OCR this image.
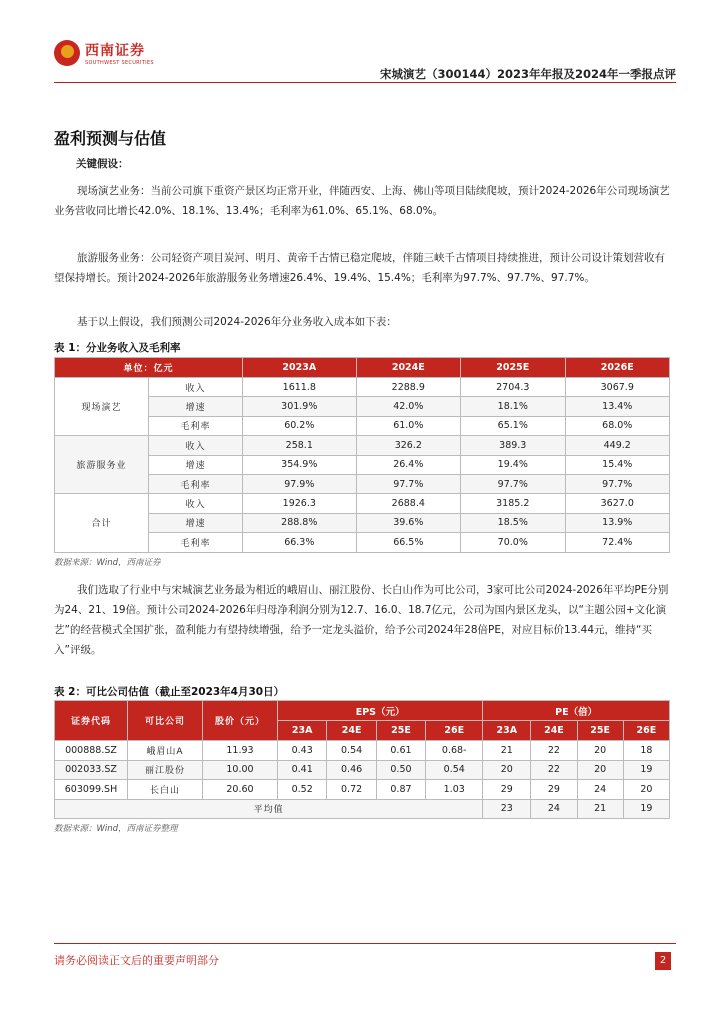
西南证券
SOUTHWEST SECURITIES
宋城演艺（300144）2023年年报及2024年一季报点评
盈利预测与估值
关键假设：
现场演艺业务：当前公司旗下重资产景区均正常开业，伴随西安、上海、佛山等项目陆续爬坡，预计2024-2026年公司现场演艺业务营收同比增长42.0%、18.1%、13.4%；毛利率为61.0%、65.1%、68.0%。
旅游服务业务：公司轻资产项目炭河、明月、黄帝千古情已稳定爬坡，伴随三峡千古情项目持续推进，预计公司设计策划营收有望保持增长。预计2024-2026年旅游服务业务增速26.4%、19.4%、15.4%；毛利率为97.7%、97.7%、97.7%。
基于以上假设，我们预测公司2024-2026年分业务收入成本如下表：
表 1：分业务收入及毛利率
单位：亿元		2023A	2024E	2025E	2026E
现场演艺	收入	1611.8	2288.9	2704.3	3067.9
	增速	301.9%	42.0%	18.1%	13.4%
	毛利率	60.2%	61.0%	65.1%	68.0%
旅游服务业	收入	258.1	326.2	389.3	449.2
	增速	354.9%	26.4%	19.4%	15.4%
	毛利率	97.9%	97.7%	97.7%	97.7%
合计	收入	1926.3	2688.4	3185.2	3627.0
	增速	288.8%	39.6%	18.5%	13.9%
	毛利率	66.3%	66.5%	70.0%	72.4%
数据来源：Wind，西南证券
我们选取了行业中与宋城演艺业务最为相近的峨眉山、丽江股份、长白山作为可比公司，3家可比公司2024-2026年平均PE分别为24、21、19倍。预计公司2024-2026年归母净利润分别为12.7、16.0、18.7亿元，公司为国内景区龙头，以“主题公园+文化演艺”的经营模式全国扩张，盈利能力有望持续增强，给予一定龙头溢价，给予公司2024年28倍PE，对应目标价13.44元，维持“买入”评级。
表 2：可比公司估值（截止至2023年4月30日）
证券代码	可比公司	股价（元）	EPS（元）				PE（倍）			
			23A	24E	25E	26E	23A	24E	25E	26E
000888.SZ	峨眉山A	11.93	0.43	0.54	0.61	0.68-	21	22	20	18
002033.SZ	丽江股份	10.00	0.41	0.46	0.50	0.54	20	22	20	19
603099.SH	长白山	20.60	0.52	0.72	0.87	1.03	29	29	24	20
平均值							23	24	21	19
数据来源：Wind，西南证券整理
请务必阅读正文后的重要声明部分	2
